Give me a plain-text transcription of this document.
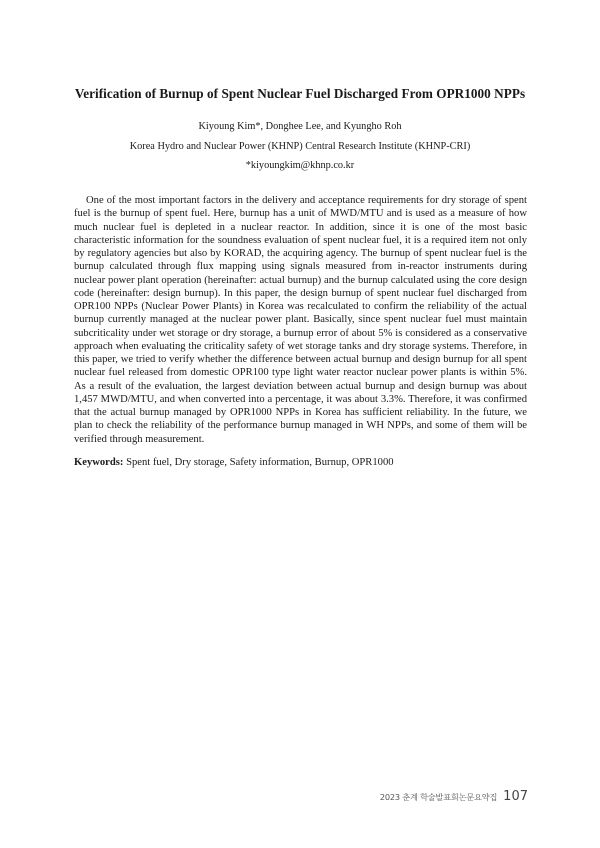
Verification of Burnup of Spent Nuclear Fuel Discharged From OPR1000 NPPs
Kiyoung Kim*, Donghee Lee, and Kyungho Roh
Korea Hydro and Nuclear Power (KHNP) Central Research Institute (KHNP-CRI)
*kiyoungkim@khnp.co.kr

One of the most important factors in the delivery and acceptance requirements for dry storage of spent fuel is the burnup of spent fuel. Here, burnup has a unit of MWD/MTU and is used as a measure of how much nuclear fuel is depleted in a nuclear reactor. In addition, since it is one of the most basic characteristic information for the soundness evaluation of spent nuclear fuel, it is a required item not only by regulatory agencies but also by KORAD, the acquiring agency. The burnup of spent nuclear fuel is the burnup calculated through flux mapping using signals measured from in-reactor instruments during nuclear power plant operation (hereinafter: actual burnup) and the burnup calculated using the core design code (hereinafter: design burnup). In this paper, the design burnup of spent nuclear fuel discharged from OPR100 NPPs (Nuclear Power Plants) in Korea was recalculated to confirm the reliability of the actual burnup currently managed at the nuclear power plant. Basically, since spent nuclear fuel must maintain subcriticality under wet storage or dry storage, a burnup error of about 5% is considered as a conservative approach when evaluating the criticality safety of wet storage tanks and dry storage systems. Therefore, in this paper, we tried to verify whether the difference between actual burnup and design burnup for all spent nuclear fuel released from domestic OPR100 type light water reactor nuclear power plants is within 5%. As a result of the evaluation, the largest deviation between actual burnup and design burnup was about 1,457 MWD/MTU, and when converted into a percentage, it was about 3.3%. Therefore, it was confirmed that the actual burnup managed by OPR1000 NPPs in Korea has sufficient reliability. In the future, we plan to check the reliability of the performance burnup managed in WH NPPs, and some of them will be verified through measurement.

Keywords: Spent fuel, Dry storage, Safety information, Burnup, OPR1000
2023 춘계 학술발표회논문요약집 107
